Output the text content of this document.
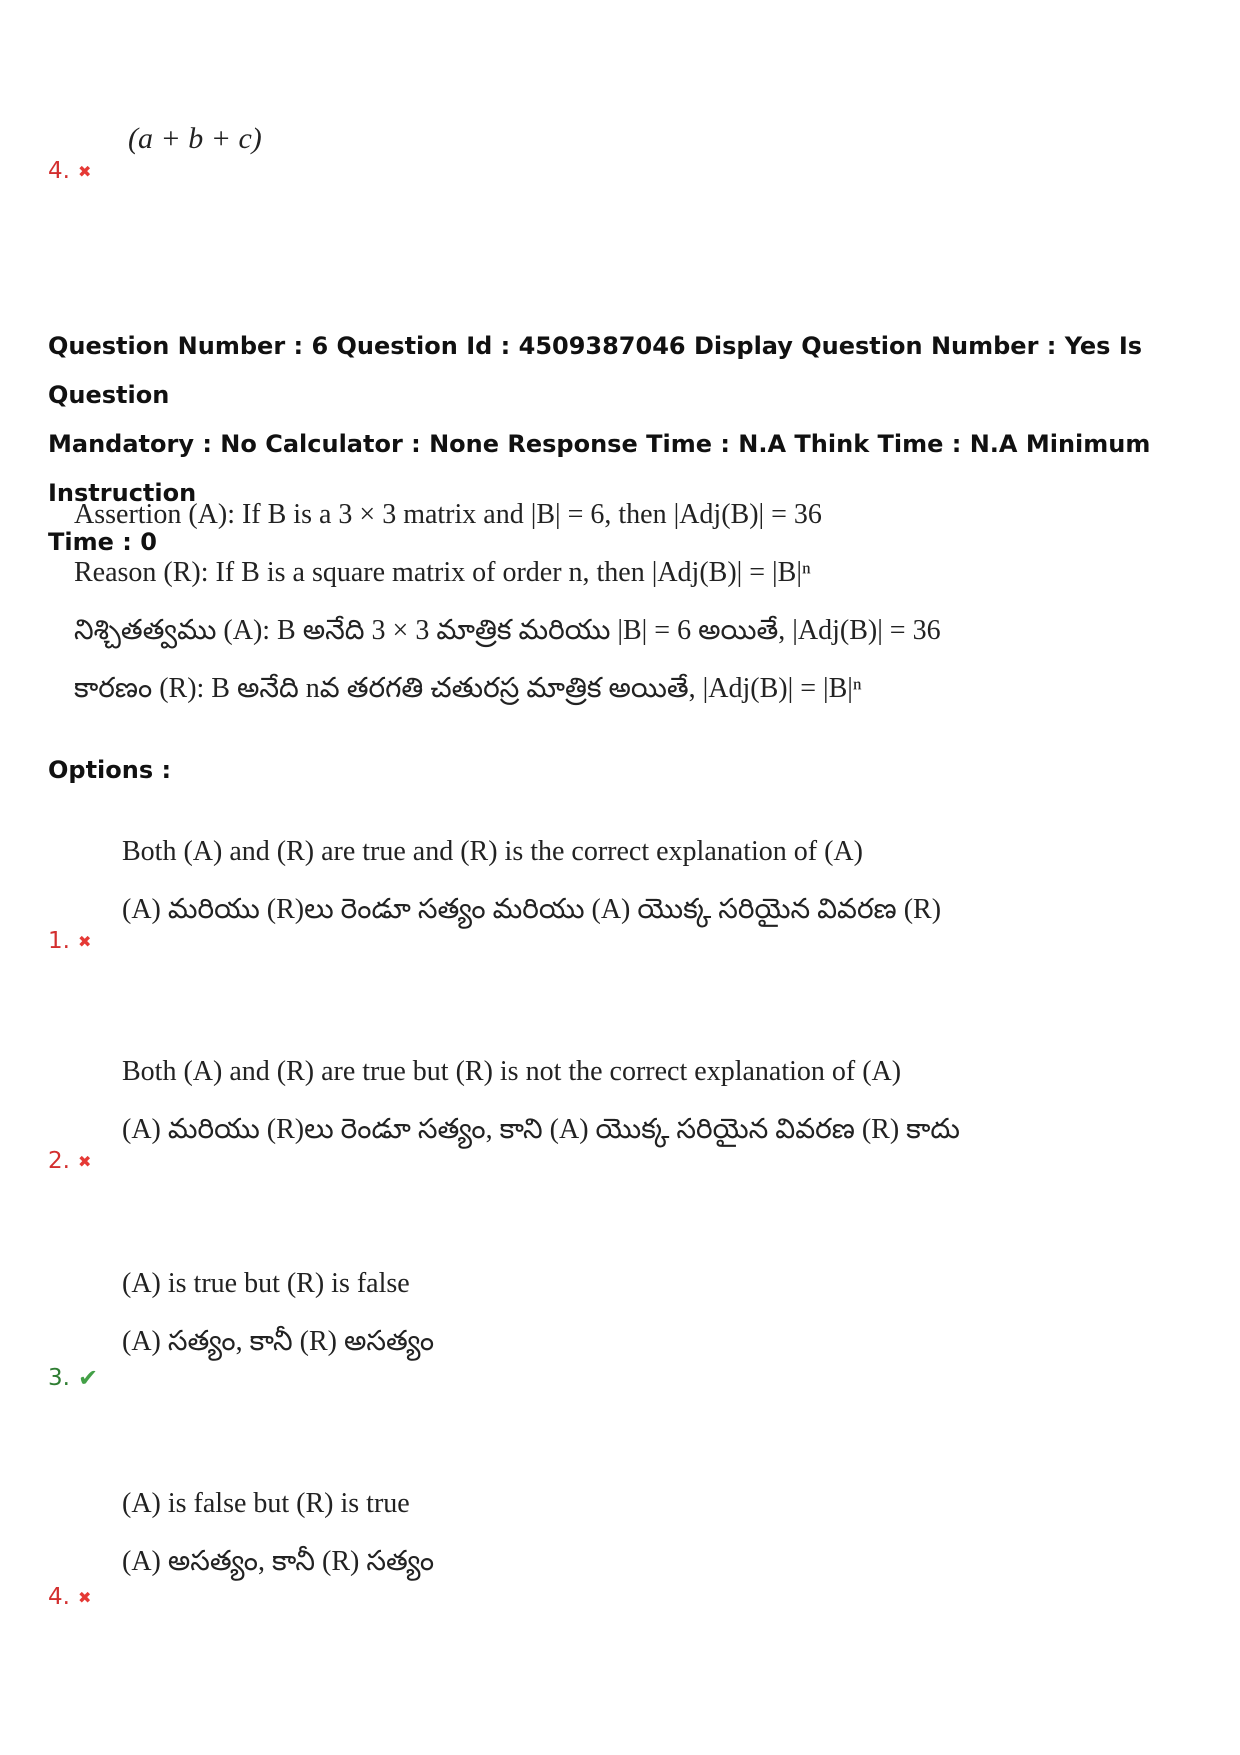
(a + b + c)
4. ✖
Question Number : 6 Question Id : 4509387046 Display Question Number : Yes Is Question
Mandatory : No Calculator : None Response Time : N.A Think Time : N.A Minimum Instruction
Time : 0
Assertion (A): If B is a 3 × 3 matrix and |B| = 6, then |Adj(B)| = 36
Reason (R): If B is a square matrix of order n, then |Adj(B)| = |B|ⁿ
నిశ్చితత్వము (A): B అనేది 3 × 3 మాత్రిక మరియు |B| = 6 అయితే, |Adj(B)| = 36
కారణం (R): B అనేది nవ తరగతి చతురస్ర మాత్రిక అయితే, |Adj(B)| = |B|ⁿ
Options :
Both (A) and (R) are true and (R) is the correct explanation of (A)
(A) మరియు (R)లు రెండూ సత్యం మరియు (A) యొక్క సరియైన వివరణ (R)
1. ✖
Both (A) and (R) are true but (R) is not the correct explanation of (A)
(A) మరియు (R)లు రెండూ సత్యం, కాని (A) యొక్క సరియైన వివరణ (R) కాదు
2. ✖
(A) is true but (R) is false
(A) సత్యం, కానీ (R) అసత్యం
3. ✔
(A) is false but (R) is true
(A) అసత్యం, కానీ (R) సత్యం
4. ✖
